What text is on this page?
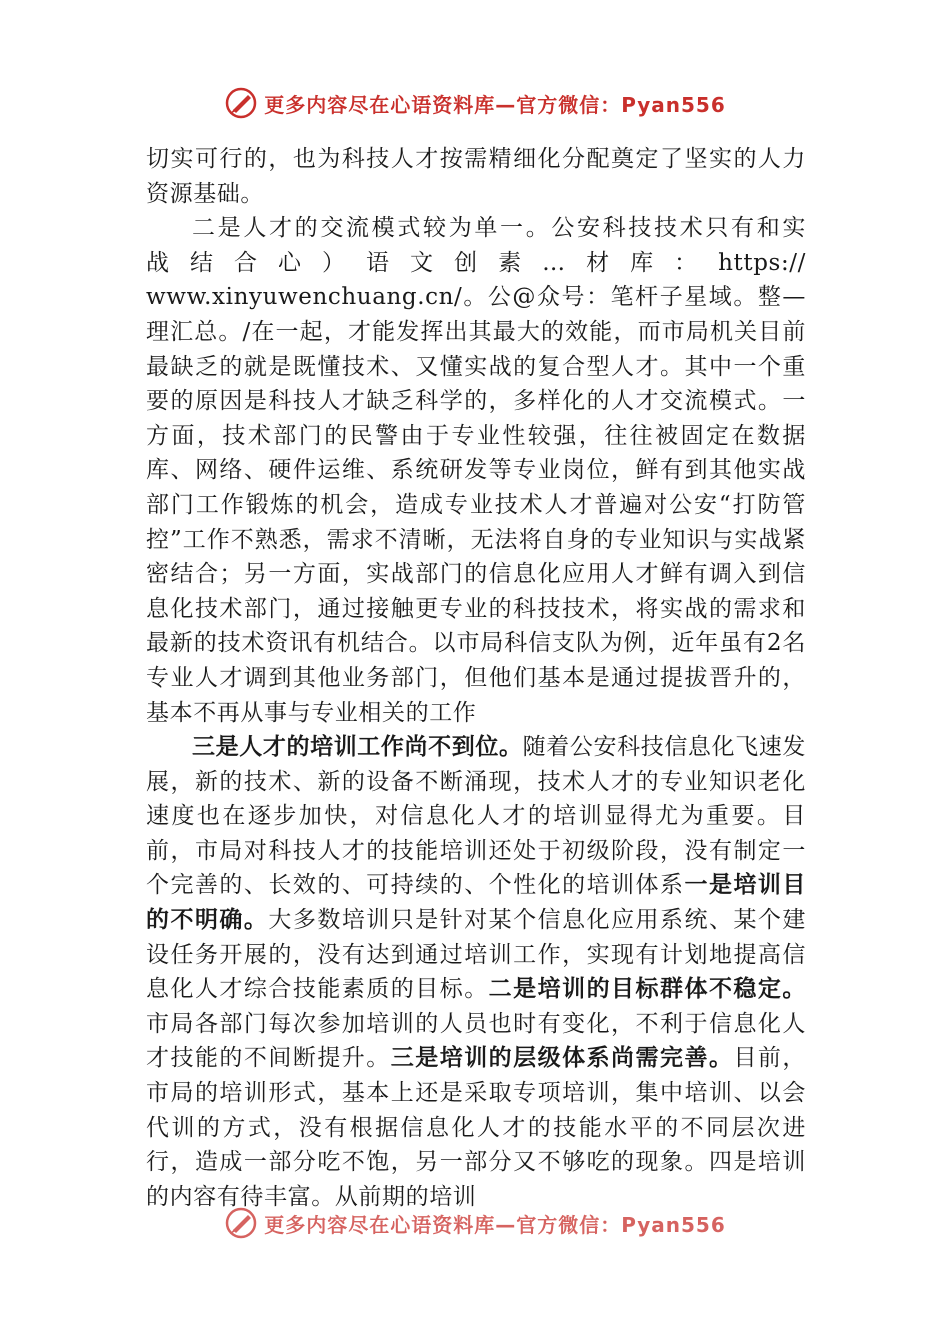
更多内容尽在心语资料库—官方微信：Pyan556

切实可行的，也为科技人才按需精细化分配奠定了坚实的人力资源基础。

二是人才的交流模式较为单一。公安科技技术只有和实

战结合心）语文创素…材库：https://

www.xinyuwenchuang.cn/。公@众号：笔杆子星域。整—理汇总。/在一起，才能发挥出其最大的效能，而市局机关目前最缺乏的就是既懂技术、又懂实战的复合型人才。其中一个重要的原因是科技人才缺乏科学的，多样化的人才交流模式。一方面，技术部门的民警由于专业性较强，往往被固定在数据库、网络、硬件运维、系统研发等专业岗位，鲜有到其他实战部门工作锻炼的机会，造成专业技术人才普遍对公安“打防管控”工作不熟悉，需求不清晰，无法将自身的专业知识与实战紧密结合；另一方面，实战部门的信息化应用人才鲜有调入到信息化技术部门，通过接触更专业的科技技术，将实战的需求和最新的技术资讯有机结合。以市局科信支队为例，近年虽有2名专业人才调到其他业务部门，但他们基本是通过提拔晋升的，基本不再从事与专业相关的工作

三是人才的培训工作尚不到位。随着公安科技信息化飞速发展，新的技术、新的设备不断涌现，技术人才的专业知识老化速度也在逐步加快，对信息化人才的培训显得尤为重要。目前，市局对科技人才的技能培训还处于初级阶段，没有制定一个完善的、长效的、可持续的、个性化的培训体系一是培训目的不明确。大多数培训只是针对某个信息化应用系统、某个建设任务开展的，没有达到通过培训工作，实现有计划地提高信息化人才综合技能素质的目标。二是培训的目标群体不稳定。市局各部门每次参加培训的人员也时有变化，不利于信息化人才技能的不间断提升。三是培训的层级体系尚需完善。目前，市局的培训形式，基本上还是采取专项培训，集中培训、以会代训的方式，没有根据信息化人才的技能水平的不同层次进行，造成一部分吃不饱，另一部分又不够吃的现象。四是培训的内容有待丰富。从前期的培训

更多内容尽在心语资料库—官方微信：Pyan556
